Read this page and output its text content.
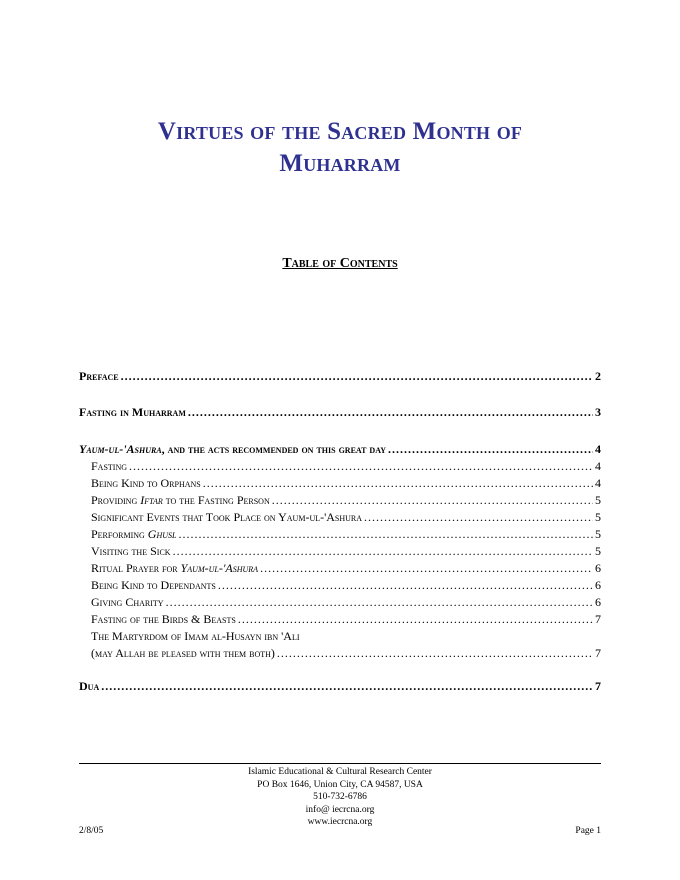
Virtues of the Sacred Month of
Muharram
Table of Contents
Preface .....	2
Fasting in Muharram .....	3
Yaum-ul-'Ashura, and the acts recommended on this great day .....	4
Fasting .....	4
Being Kind to Orphans .....	4
Providing Iftar to the Fasting Person .....	5
Significant Events that Took Place on Yaum-ul-'Ashura .....	5
Performing Ghusl .....	5
Visiting the Sick .....	5
Ritual Prayer for Yaum-ul-'Ashura .....	6
Being Kind to Dependants .....	6
Giving Charity .....	6
Fasting of the Birds & Beasts .....	7
The Martyrdom of Imam al-Husayn ibn 'Ali
(may Allah be pleased with them both) .....	7
Dua .....	7
Islamic Educational & Cultural Research Center
PO Box 1646, Union City, CA 94587, USA
510-732-6786
info@ iecrcna.org
www.iecrcna.org
2/8/05	Page 1
